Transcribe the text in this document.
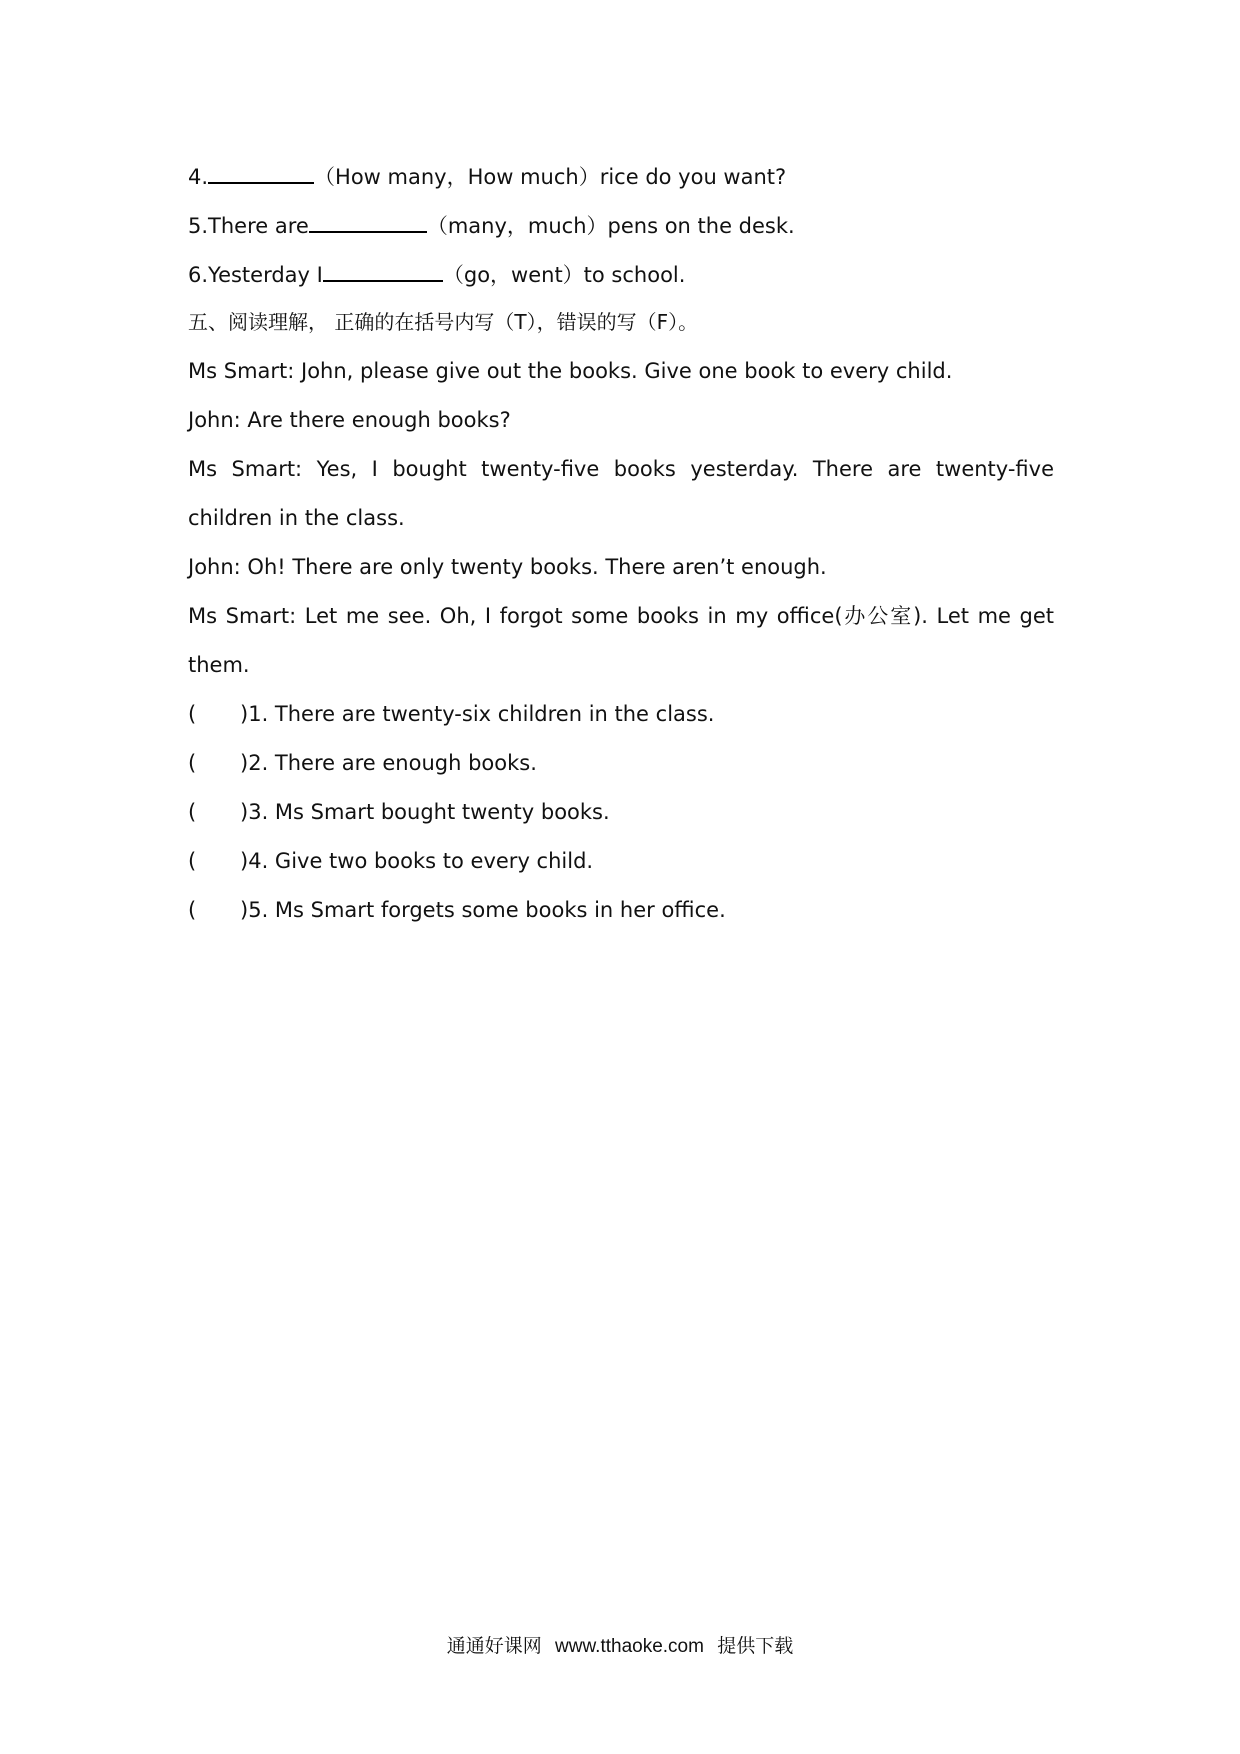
4.	（How many，How much）rice do you want?
5.There are	（many，much）pens on the desk.
6.Yesterday I	（go，went）to school.
五、阅读理解， 正确的在括号内写（T），错误的写（F）。
Ms Smart: John, please give out the books. Give one book to every child.
John: Are there enough books?
Ms Smart: Yes, I bought twenty-five books yesterday. There are twenty-five
children in the class.
John: Oh! There are only twenty books. There aren’t enough.
Ms Smart: Let me see. Oh, I forgot some books in my office(办公室). Let me get
them.
( )1. There are twenty-six children in the class.
( )2. There are enough books.
( )3. Ms Smart bought twenty books.
( )4. Give two books to every child.
( )5. Ms Smart forgets some books in her office.
通通好课网 www.tthaoke.com 提供下载
